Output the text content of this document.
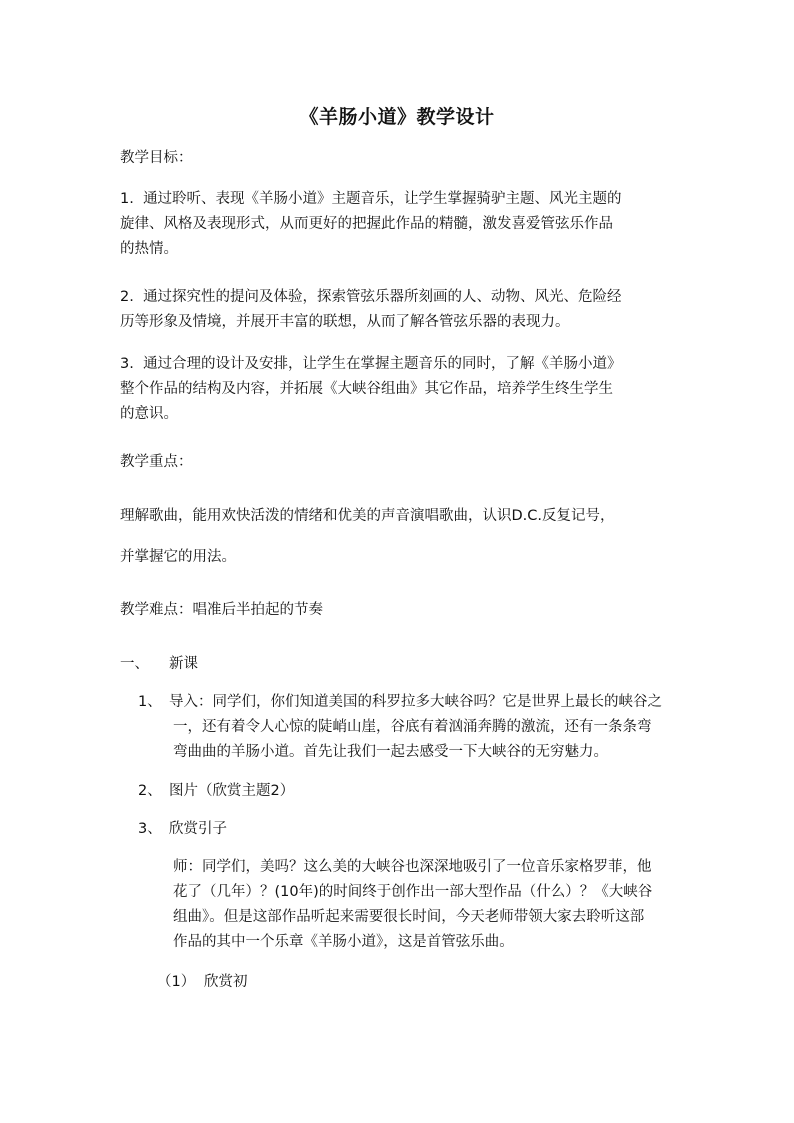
《羊肠小道》教学设计
教学目标：
1. 通过聆听、表现《羊肠小道》主题音乐，让学生掌握骑驴主题、风光主题的
旋律、风格及表现形式，从而更好的把握此作品的精髓，激发喜爱管弦乐作品
的热情。
2. 通过探究性的提问及体验，探索管弦乐器所刻画的人、动物、风光、危险经
历等形象及情境，并展开丰富的联想，从而了解各管弦乐器的表现力。
3. 通过合理的设计及安排，让学生在掌握主题音乐的同时，了解《羊肠小道》
整个作品的结构及内容，并拓展《大峡谷组曲》其它作品，培养学生终生学生
的意识。
教学重点：
理解歌曲，能用欢快活泼的情绪和优美的声音演唱歌曲，认识D.C.反复记号，
并掌握它的用法。
教学难点：唱准后半拍起的节奏
一、 新课
1、 导入：同学们，你们知道美国的科罗拉多大峡谷吗？它是世界上最长的峡谷之
一，还有着令人心惊的陡峭山崖，谷底有着汹涌奔腾的激流，还有一条条弯
弯曲曲的羊肠小道。首先让我们一起去感受一下大峡谷的无穷魅力。
2、 图片（欣赏主题2）
3、 欣赏引子
师：同学们，美吗？这么美的大峡谷也深深地吸引了一位音乐家格罗菲，他
花了（几年）？(10年)的时间终于创作出一部大型作品（什么）？《大峡谷
组曲》。但是这部作品听起来需要很长时间，今天老师带领大家去聆听这部
作品的其中一个乐章《羊肠小道》，这是首管弦乐曲。
（1） 欣赏初
